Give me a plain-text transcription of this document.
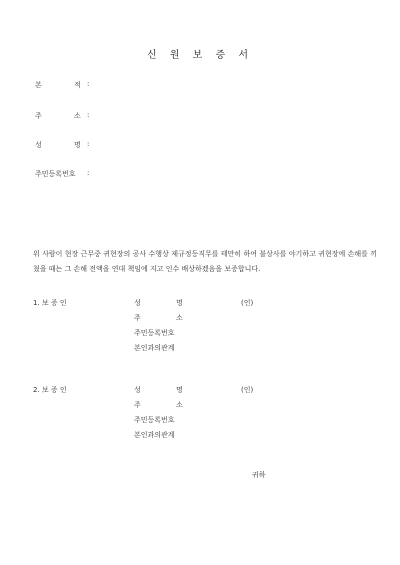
신 원 보 증 서
본	적 :
주	소 :
성	명 :
주민등록번호 :
위 사람이 현장 근무중 귀현장의 공사 수행상 제규정등직무를 태만히 하여 불상사를 야기하고 귀현장에 손해를 끼쳤을 때는 그 손해 전액을 연대 책임에 지고 인수 배상하겠음을 보증합니다.
1. 보 증 인	성	명	(인)
주	소
주민등록번호
본인과의관계
2. 보 증 인	성	명	(인)
주	소
주민등록번호
본인과의관계
귀하
